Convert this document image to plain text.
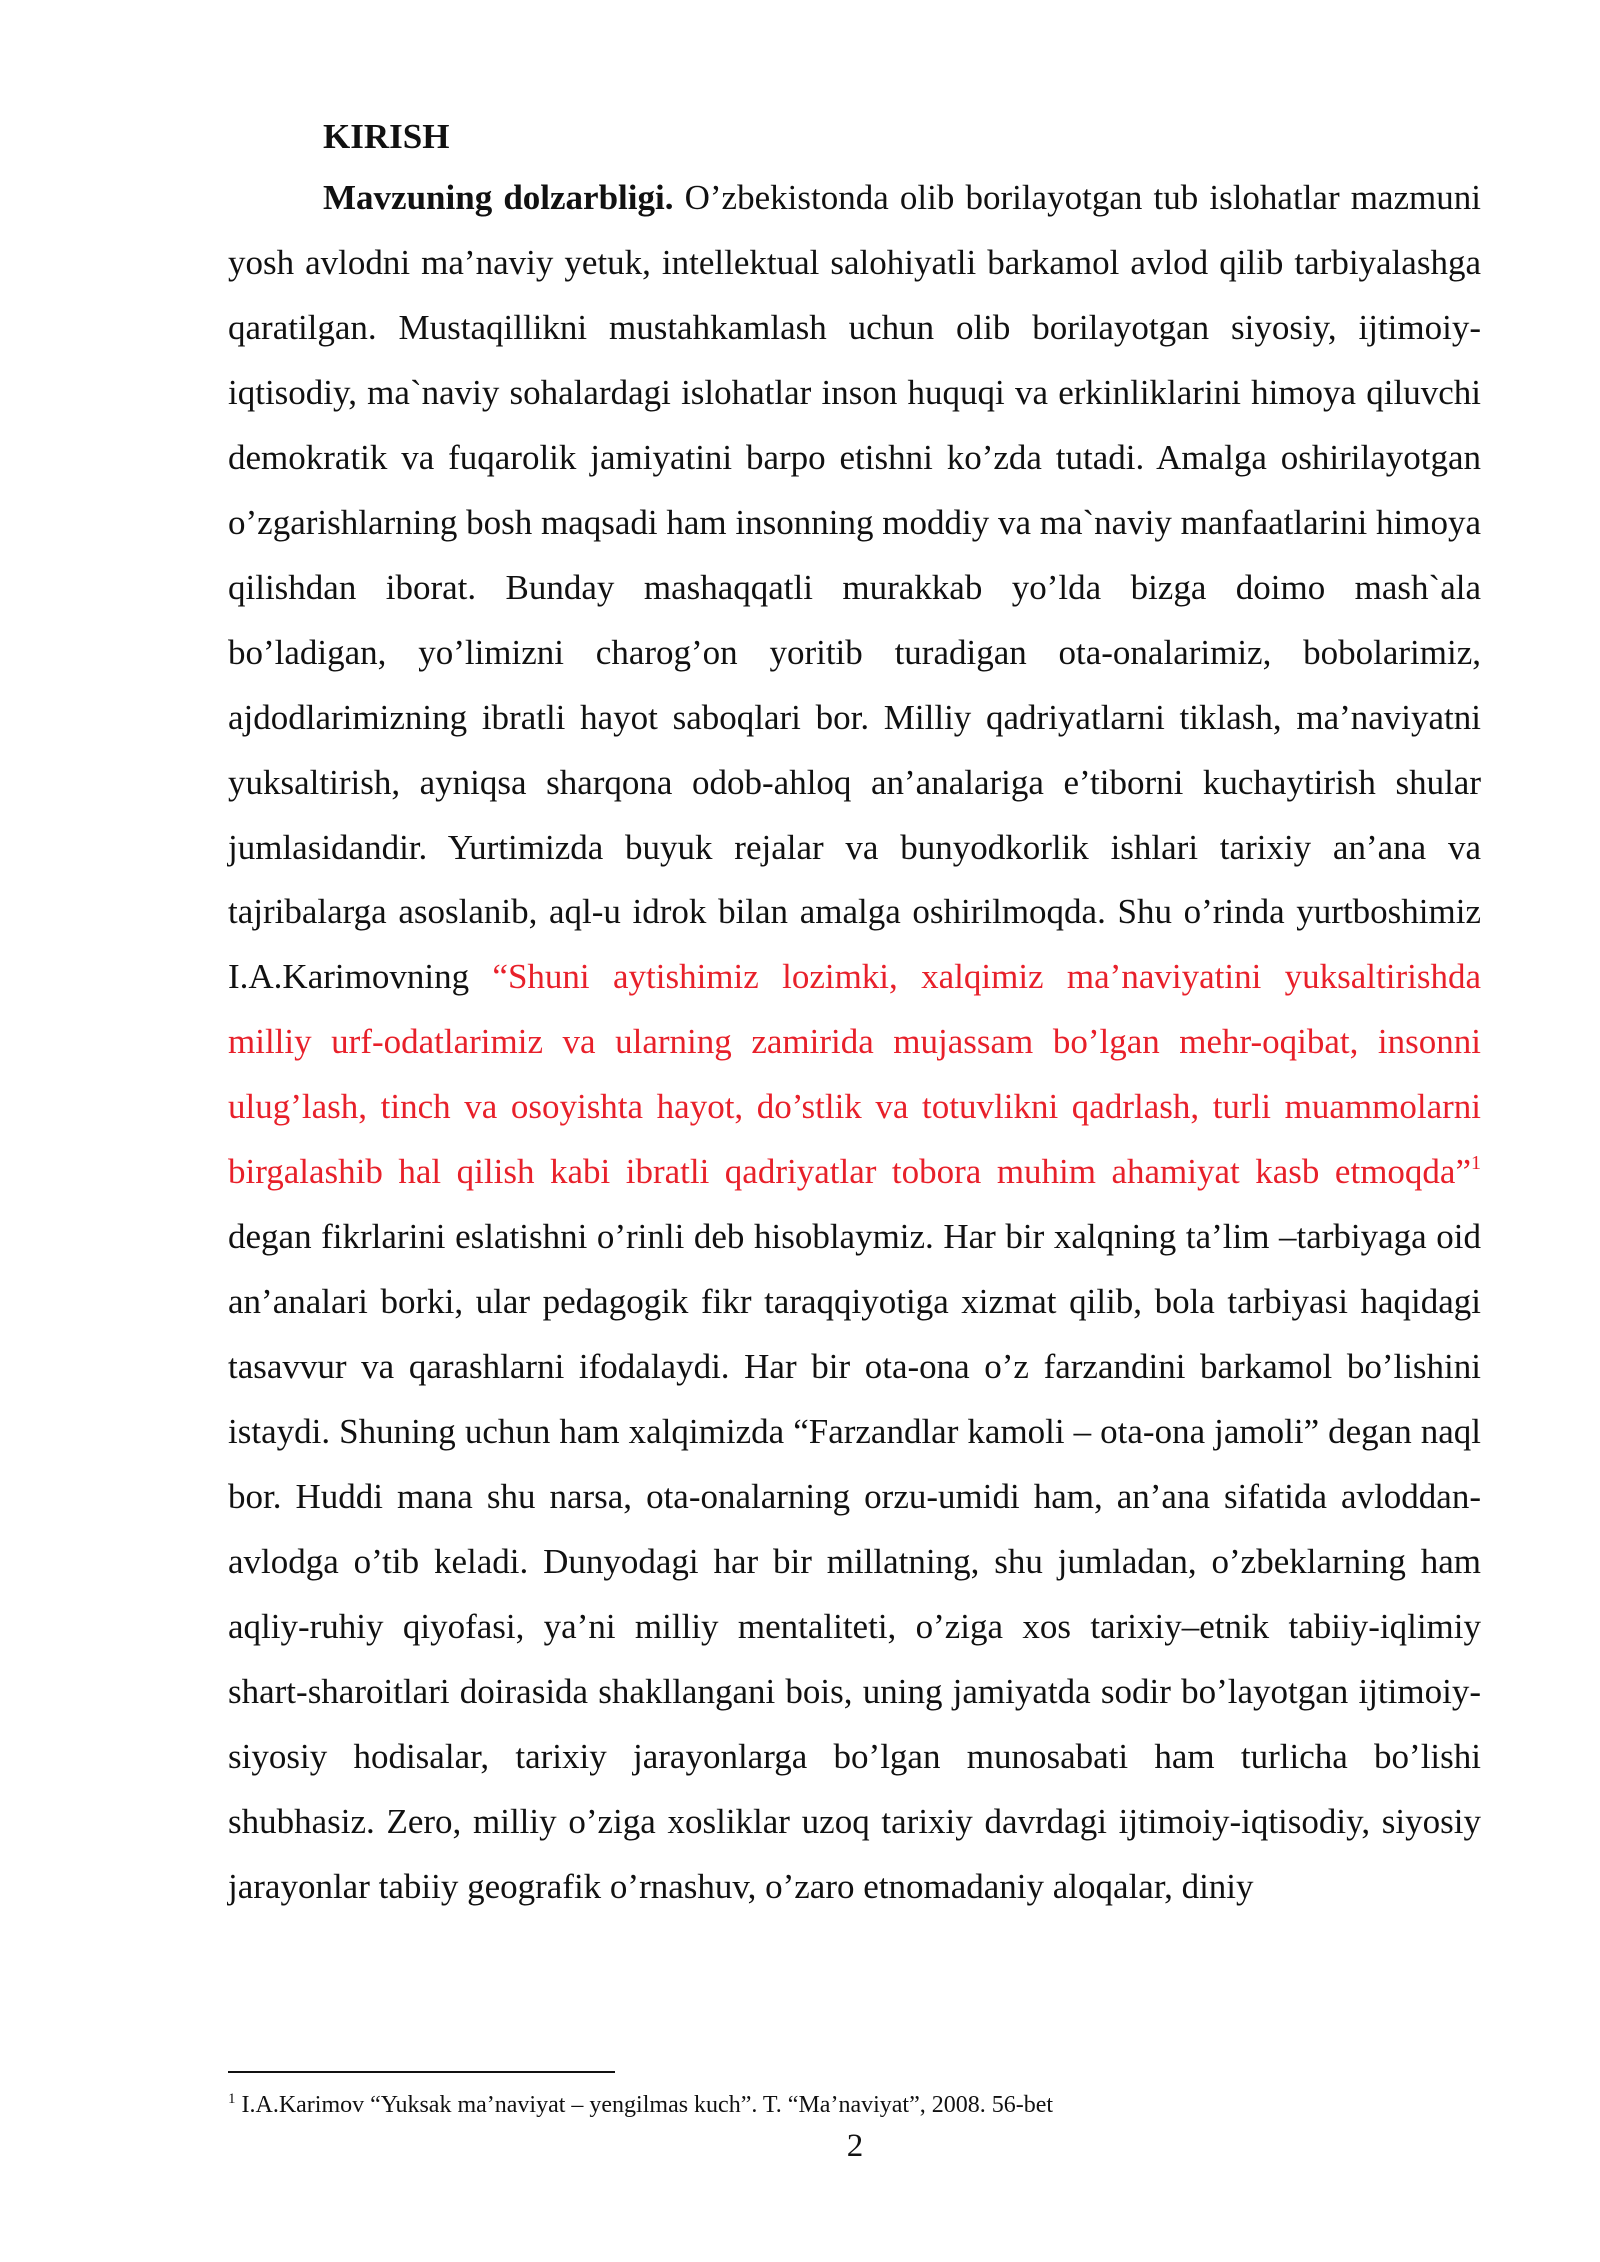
KIRISH

Mavzuning dolzarbligi. O’zbekistonda olib borilayotgan tub islohatlar mazmuni yosh avlodni ma’naviy yetuk, intellektual salohiyatli barkamol avlod qilib tarbiyalashga qaratilgan. Mustaqillikni mustahkamlash uchun olib borilayotgan siyosiy, ijtimoiy-iqtisodiy, ma`naviy sohalardagi islohatlar inson huquqi va erkinliklarini himoya qiluvchi demokratik va fuqarolik jamiyatini barpo etishni ko’zda tutadi. Amalga oshirilayotgan o’zgarishlarning bosh maqsadi ham insonning moddiy va ma`naviy manfaatlarini himoya qilishdan iborat. Bunday mashaqqatli murakkab yo’lda bizga doimo mash`ala bo’ladigan, yo’limizni charog’on yoritib turadigan ota-onalarimiz, bobolarimiz, ajdodlarimizning ibratli hayot saboqlari bor. Milliy qadriyatlarni tiklash, ma’naviyatni yuksaltirish, ayniqsa sharqona odob-ahloq an’analariga e’tiborni kuchaytirish shular jumlasidandir. Yurtimizda buyuk rejalar va bunyodkorlik ishlari tarixiy an’ana va tajribalarga asoslanib, aql-u idrok bilan amalga oshirilmoqda. Shu o’rinda yurtboshimiz I.A.Karimovning “Shuni aytishimiz lozimki, xalqimiz ma’naviyatini yuksaltirishda milliy urf-odatlarimiz va ularning zamirida mujassam bo’lgan mehr-oqibat, insonni ulug’lash, tinch va osoyishta hayot, do’stlik va totuvlikni qadrlash, turli muammolarni birgalashib hal qilish kabi ibratli qadriyatlar tobora muhim ahamiyat kasb etmoqda”$^1$ degan fikrlarini eslatishni o’rinli deb hisoblaymiz. Har bir xalqning ta’lim –tarbiyaga oid an’analari borki, ular pedagogik fikr taraqqiyotiga xizmat qilib, bola tarbiyasi haqidagi tasavvur va qarashlarni ifodalaydi. Har bir ota-ona o’z farzandini barkamol bo’lishini istaydi. Shuning uchun ham xalqimizda “Farzandlar kamoli – ota-ona jamoli” degan naql bor. Huddi mana shu narsa, ota-onalarning orzu-umidi ham, an’ana sifatida avloddan-avlodga o’tib keladi. Dunyodagi har bir millatning, shu jumladan, o’zbeklarning ham aqliy-ruhiy qiyofasi, ya’ni milliy mentaliteti, o’ziga xos tarixiy–etnik tabiiy-iqlimiy shart-sharoitlari doirasida shakllangani bois, uning jamiyatda sodir bo’layotgan ijtimoiy-siyosiy hodisalar, tarixiy jarayonlarga bo’lgan munosabati ham turlicha bo’lishi shubhasiz. Zero, milliy o’ziga xosliklar uzoq tarixiy davrdagi ijtimoiy-iqtisodiy, siyosiy jarayonlar tabiiy geografik o’rnashuv, o’zaro etnomadaniy aloqalar, diniy

$^1$ I.A.Karimov “Yuksak ma’naviyat – yengilmas kuch”. T. “Ma’naviyat”, 2008. 56-bet

2
